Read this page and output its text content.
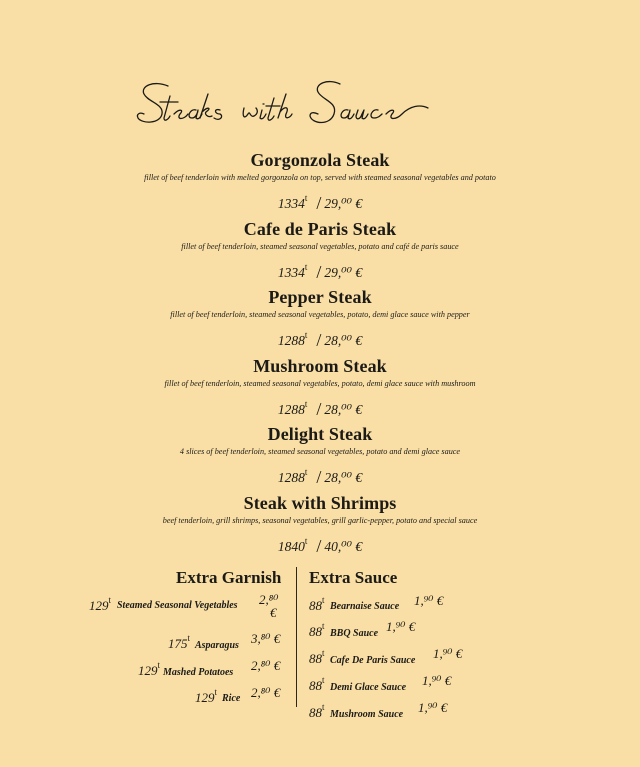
Gorgonzola Steak
fillet of beef tenderloin with melted gorgonzola on top, served with steamed seasonal vegetables and potato
1334$^t$ / 29,⁰⁰ €
Cafe de Paris Steak
fillet of beef tenderloin, steamed seasonal vegetables, potato and café de paris sauce
1334$^t$ / 29,⁰⁰ €
Pepper Steak
fillet of beef tenderloin, steamed seasonal vegetables, potato, demi glace sauce with pepper
1288$^t$ / 28,⁰⁰ €
Mushroom Steak
fillet of beef tenderloin, steamed seasonal vegetables, potato, demi glace sauce with mushroom
1288$^t$ / 28,⁰⁰ €
Delight Steak
4 slices of beef tenderloin, steamed seasonal vegetables, potato and demi glace sauce
1288$^t$ / 28,⁰⁰ €
Steak with Shrimps
beef tenderloin, grill shrimps, seasonal vegetables, grill garlic-pepper, potato and special sauce
1840$^t$ / 40,⁰⁰ €
Extra Garnish Extra Sauce
129$^t$ Steamed Seasonal Vegetables 2,⁸⁰
€
175$^t$
Asparagus 3,⁸⁰ €
129$^t$
Mashed Potatoes 2,⁸⁰ €
129$^t$
Rice 2,⁸⁰ €
88$^t$
Bearnaise Sauce 1,⁹⁰ €
88$^t$
BBQ Sauce 1,⁹⁰ €
88$^t$
Cafe De Paris Sauce 1,⁹⁰ €
88$^t$
Demi Glace Sauce 1,⁹⁰ €
88$^t$
Mushroom Sauce 1,⁹⁰ €
